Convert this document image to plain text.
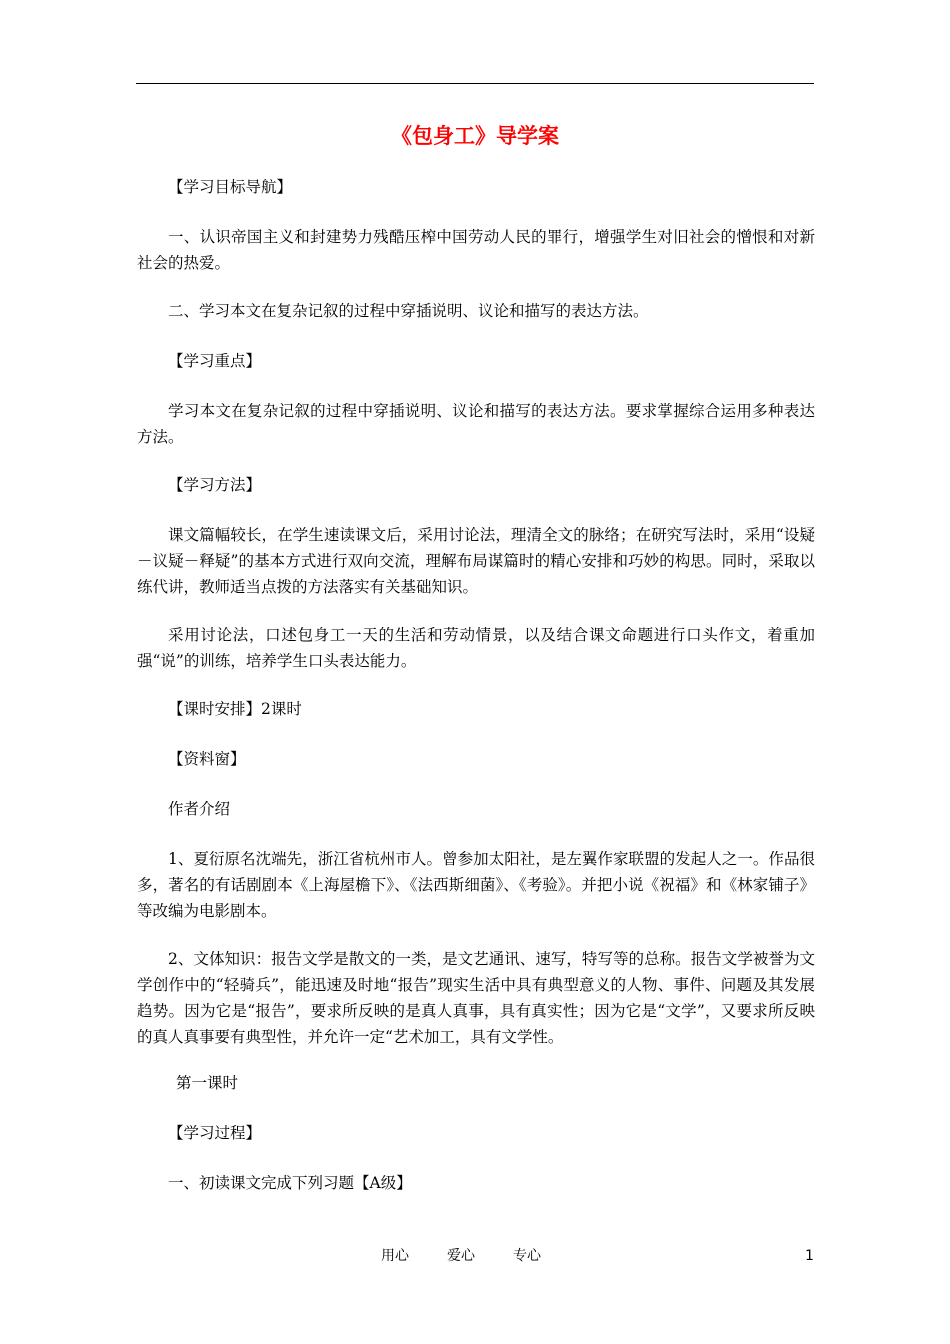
《包身工》导学案
【学习目标导航】
一、认识帝国主义和封建势力残酷压榨中国劳动人民的罪行，增强学生对旧社会的憎恨和对新社会的热爱。
二、学习本文在复杂记叙的过程中穿插说明、议论和描写的表达方法。
【学习重点】
学习本文在复杂记叙的过程中穿插说明、议论和描写的表达方法。要求掌握综合运用多种表达方法。
【学习方法】
课文篇幅较长，在学生速读课文后，采用讨论法，理清全文的脉络；在研究写法时，采用“设疑－议疑－释疑”的基本方式进行双向交流，理解布局谋篇时的精心安排和巧妙的构思。同时，采取以练代讲，教师适当点拨的方法落实有关基础知识。
采用讨论法，口述包身工一天的生活和劳动情景，以及结合课文命题进行口头作文，着重加强“说”的训练，培养学生口头表达能力。
【课时安排】2课时
【资料窗】
作者介绍
1、夏衍原名沈端先，浙江省杭州市人。曾参加太阳社，是左翼作家联盟的发起人之一。作品很多，著名的有话剧剧本《上海屋檐下》、《法西斯细菌》、《考验》。并把小说《祝福》和《林家铺子》等改编为电影剧本。
2、文体知识：报告文学是散文的一类，是文艺通讯、速写，特写等的总称。报告文学被誉为文学创作中的“轻骑兵”，能迅速及时地“报告”现实生活中具有典型意义的人物、事件、问题及其发展趋势。因为它是“报告”，要求所反映的是真人真事，具有真实性；因为它是“文学”，又要求所反映的真人真事要有典型性，并允许一定“艺术加工，具有文学性。
第一课时
【学习过程】
一、初读课文完成下列习题【A级】
用心	爱心	专心	1
